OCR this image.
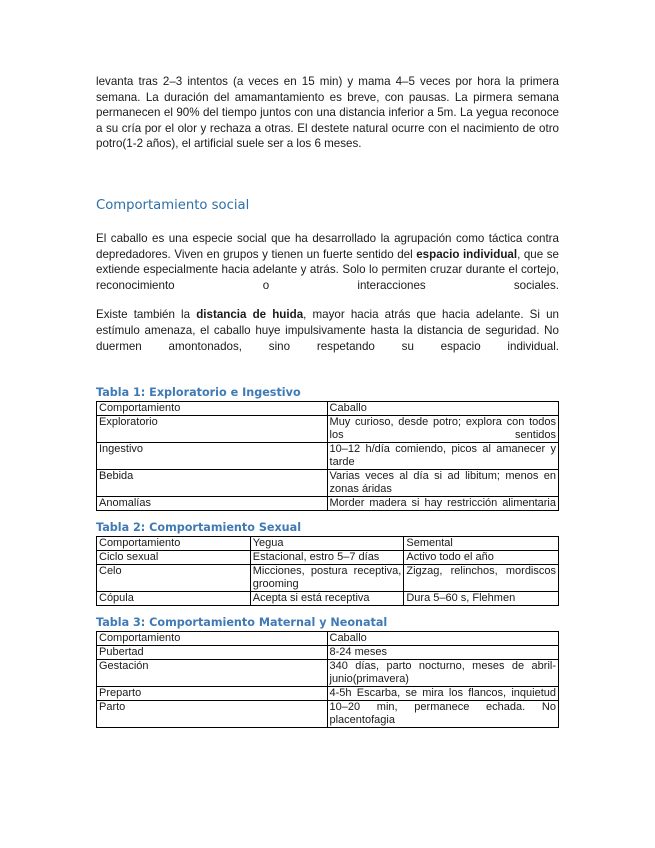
levanta tras 2–3 intentos (a veces en 15 min) y mama 4–5 veces por hora la primera semana. La duración del amamantamiento es breve, con pausas. La pirmera semana permanecen el 90% del tiempo juntos con una distancia inferior a 5m. La yegua reconoce a su cría por el olor y rechaza a otras. El destete natural ocurre con el nacimiento de otro potro(1-2 años), el artificial suele ser a los 6 meses.

Comportamiento social

El caballo es una especie social que ha desarrollado la agrupación como táctica contra depredadores. Viven en grupos y tienen un fuerte sentido del espacio individual, que se extiende especialmente hacia adelante y atrás. Solo lo permiten cruzar durante el cortejo, reconocimiento o interacciones sociales.

Existe también la distancia de huida, mayor hacia atrás que hacia adelante. Si un estímulo amenaza, el caballo huye impulsivamente hasta la distancia de seguridad. No duermen amontonados, sino respetando su espacio individual.

Tabla 1: Exploratorio e Ingestivo
Comportamiento	Caballo
Exploratorio	Muy curioso, desde potro; explora con todos los sentidos
Ingestivo	10–12 h/día comiendo, picos al amanecer y tarde
Bebida	Varias veces al día si ad libitum; menos en zonas áridas
Anomalías	Morder madera si hay restricción alimentaria
Tabla 2: Comportamiento Sexual
Comportamiento	Yegua	Semental
Ciclo sexual	Estacional, estro 5–7 días	Activo todo el año
Celo	Micciones, postura receptiva, grooming	Zigzag, relinchos, mordiscos
Cópula	Acepta si está receptiva	Dura 5–60 s, Flehmen
Tabla 3: Comportamiento Maternal y Neonatal
Comportamiento	Caballo
Pubertad	8-24 meses
Gestación	340 días, parto nocturno, meses de abril-junio(primavera)
Preparto	4-5h Escarba, se mira los flancos, inquietud
Parto	10–20 min, permanece echada. No placentofagia
